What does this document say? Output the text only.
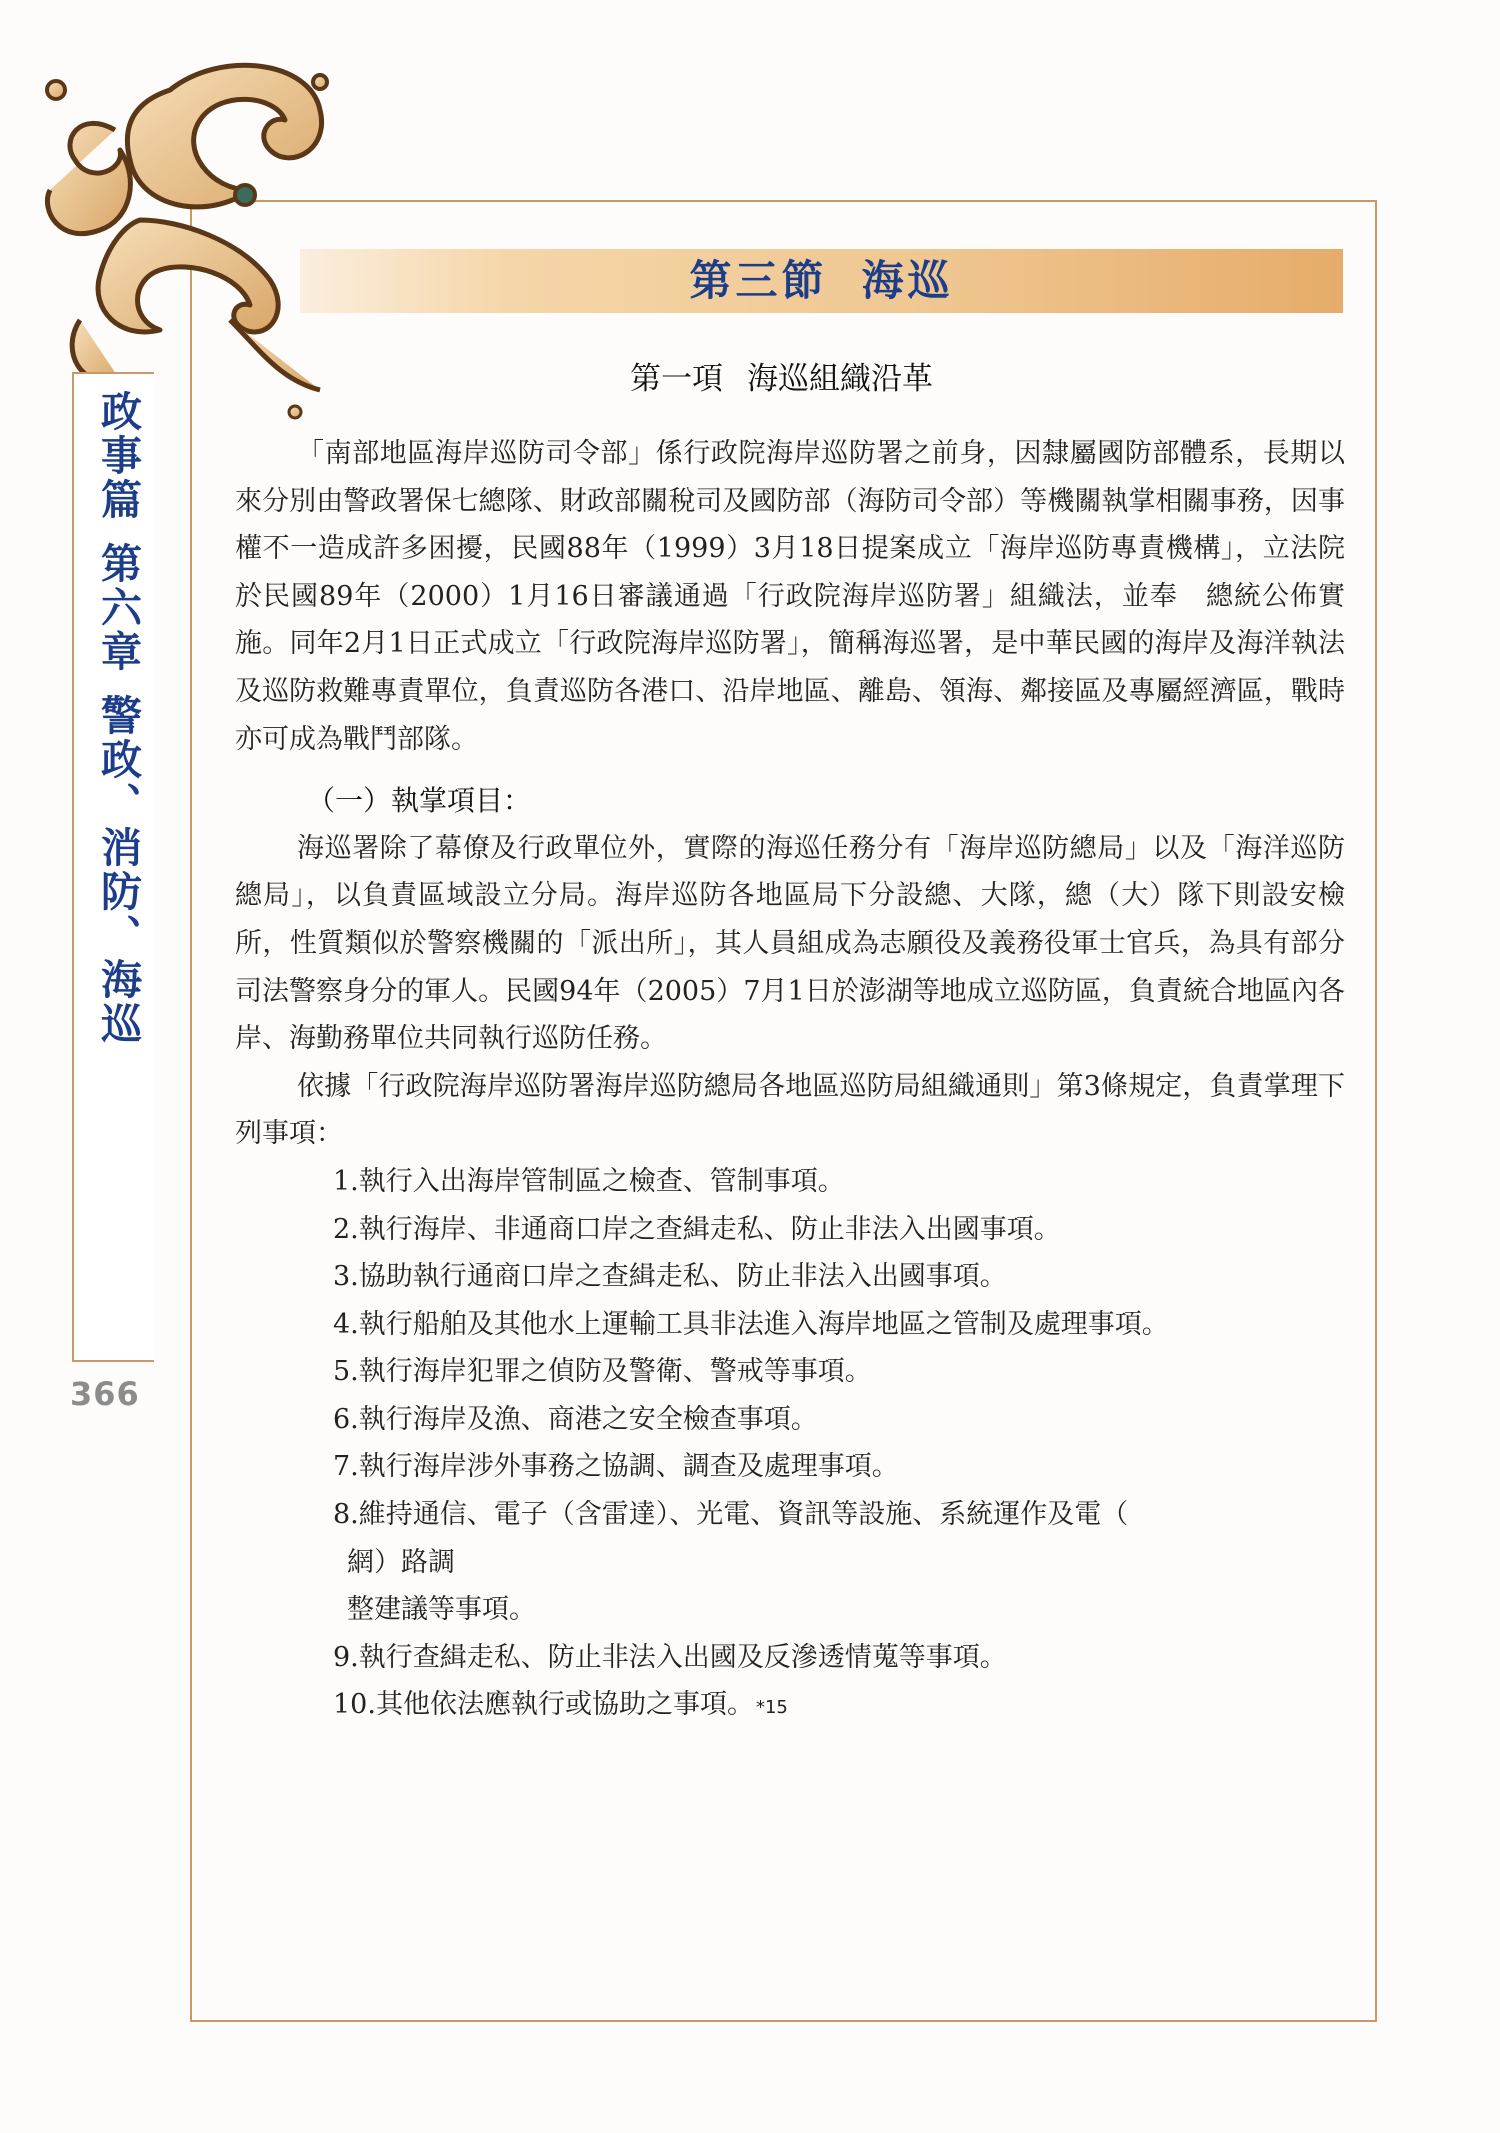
第三節 海巡
第一項 海巡組織沿革
政事篇第六章警政、消防、海巡
366

「南部地區海岸巡防司令部」係行政院海岸巡防署之前身，因隸屬國防部體系，長期以來分別由警政署保七總隊、財政部關稅司及國防部（海防司令部）等機關執掌相關事務，因事權不一造成許多困擾，民國88年（1999）3月18日提案成立「海岸巡防專責機構」，立法院於民國89年（2000）1月16日審議通過「行政院海岸巡防署」組織法，並奉　總統公佈實施。同年2月1日正式成立「行政院海岸巡防署」，簡稱海巡署，是中華民國的海岸及海洋執法及巡防救難專責單位，負責巡防各港口、沿岸地區、離島、領海、鄰接區及專屬經濟區，戰時亦可成為戰鬥部隊。

（一）執掌項目：

海巡署除了幕僚及行政單位外，實際的海巡任務分有「海岸巡防總局」以及「海洋巡防總局」，以負責區域設立分局。海岸巡防各地區局下分設總、大隊，總（大）隊下則設安檢所，性質類似於警察機關的「派出所」，其人員組成為志願役及義務役軍士官兵，為具有部分司法警察身分的軍人。民國94年（2005）7月1日於澎湖等地成立巡防區，負責統合地區內各岸、海勤務單位共同執行巡防任務。

依據「行政院海岸巡防署海岸巡防總局各地區巡防局組織通則」第3條規定，負責掌理下列事項：

1.執行入出海岸管制區之檢查、管制事項。

2.執行海岸、非通商口岸之查緝走私、防止非法入出國事項。

3.協助執行通商口岸之查緝走私、防止非法入出國事項。

4.執行船舶及其他水上運輸工具非法進入海岸地區之管制及處理事項。

5.執行海岸犯罪之偵防及警衛、警戒等事項。

6.執行海岸及漁、商港之安全檢查事項。

7.執行海岸涉外事務之協調、調查及處理事項。

8.維持通信、電子（含雷達）、光電、資訊等設施、系統運作及電（

網）路調

整建議等事項。

9.執行查緝走私、防止非法入出國及反滲透情蒐等事項。

10.其他依法應執行或協助之事項。 *15
